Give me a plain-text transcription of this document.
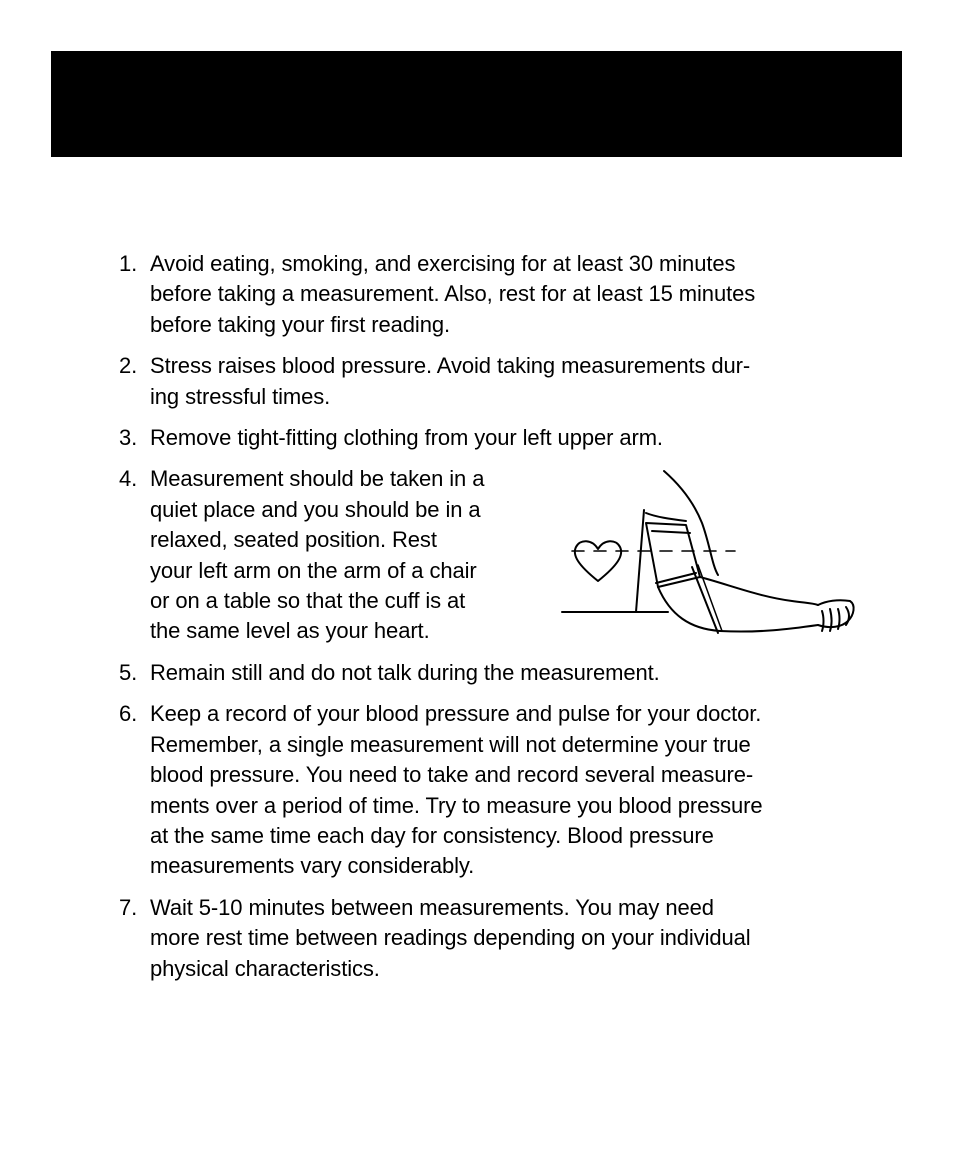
1. Avoid eating, smoking, and exercising for at least 30 minutes
before taking a measurement. Also, rest for at least 15 minutes
before taking your first reading.
2. Stress raises blood pressure. Avoid taking measurements dur-
ing stressful times.
3. Remove tight-fitting clothing from your left upper arm.
4. Measurement should be taken in a
quiet place and you should be in a
relaxed, seated position. Rest
your left arm on the arm of a chair
or on a table so that the cuff is at
the same level as your heart.
5. Remain still and do not talk during the measurement.
6. Keep a record of your blood pressure and pulse for your doctor.
Remember, a single measurement will not determine your true
blood pressure. You need to take and record several measure-
ments over a period of time. Try to measure you blood pressure
at the same time each day for consistency. Blood pressure
measurements vary considerably.
7. Wait 5-10 minutes between measurements. You may need
more rest time between readings depending on your individual
physical characteristics.
